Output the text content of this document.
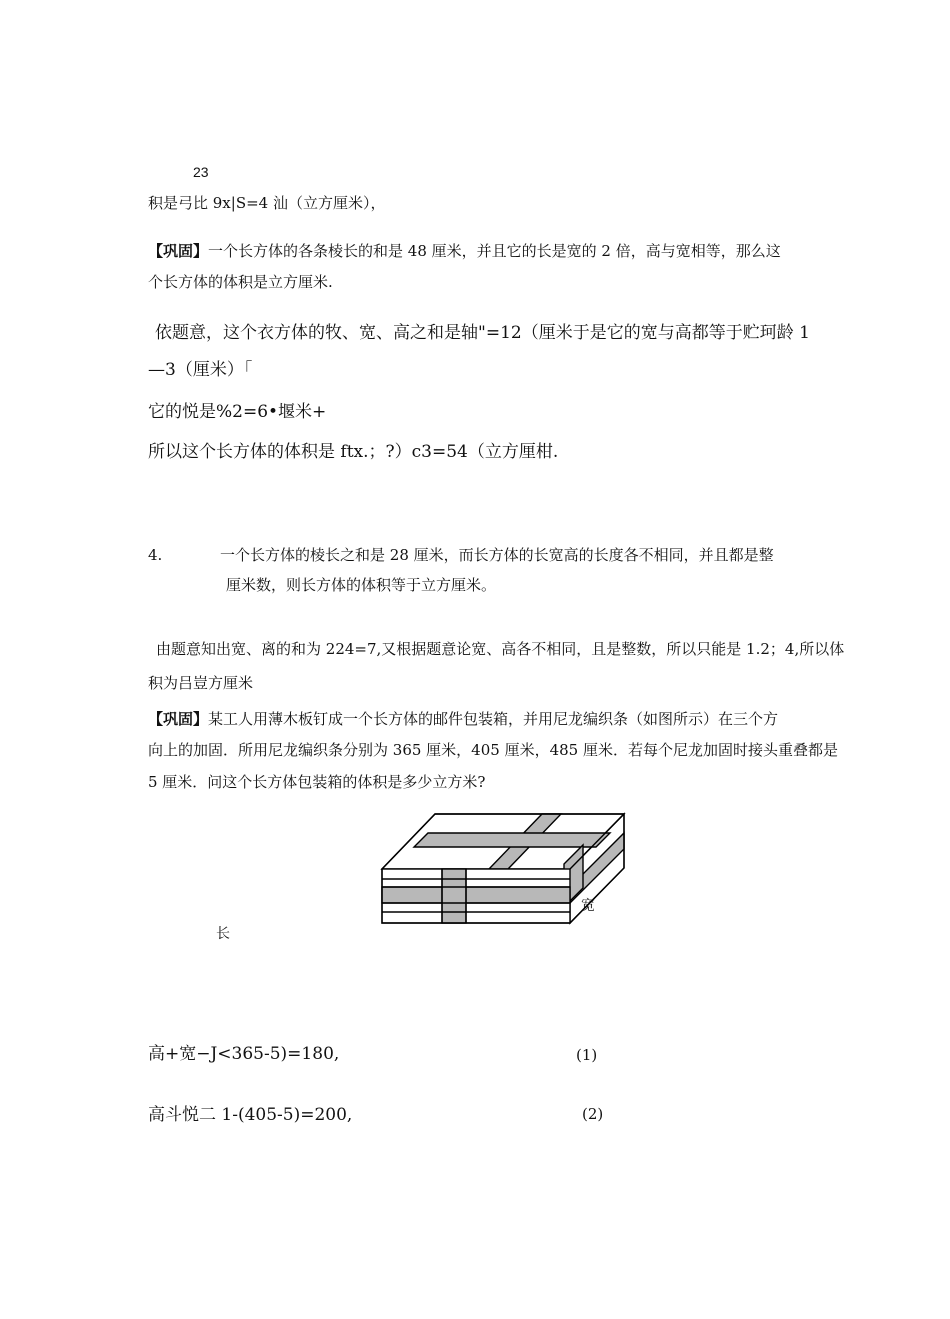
23
积是弓比 9x|S=4 汕（立方厘米），
【巩固】一个长方体的各条棱长的和是 48 厘米，并且它的长是宽的 2 倍，高与宽相等，那么这
个长方体的体积是立方厘米.
依题意，这个衣方体的牧、宽、高之和是轴"=12（厘米于是它的宽与高都等于贮珂龄 1
—3（厘米）「
它的悦是%2=6•堰米+
所以这个长方体的体积是 ftx.；?）c3=54（立方厘柑.
4.	一个长方体的棱长之和是 28 厘米，而长方体的长宽高的长度各不相同，并且都是整
厘米数，则长方体的体积等于立方厘米。
由题意知出宽、离的和为 224=7,又根据题意论宽、高各不相同，且是整数，所以只能是 1.2；4,所以体
积为吕豈方厘米
【巩固】某工人用薄木板钉成一个长方体的邮件包装箱，并用尼龙编织条（如图所示）在三个方
向上的加固．所用尼龙编织条分别为 365 厘米，405 厘米，485 厘米．若每个尼龙加固时接头重叠都是
5 厘米．问这个长方体包装箱的体积是多少立方米?
宽
长
高+宽−J<365-5)=180,	(1)
高斗悦二 1-(405-5)=200,	(2)
